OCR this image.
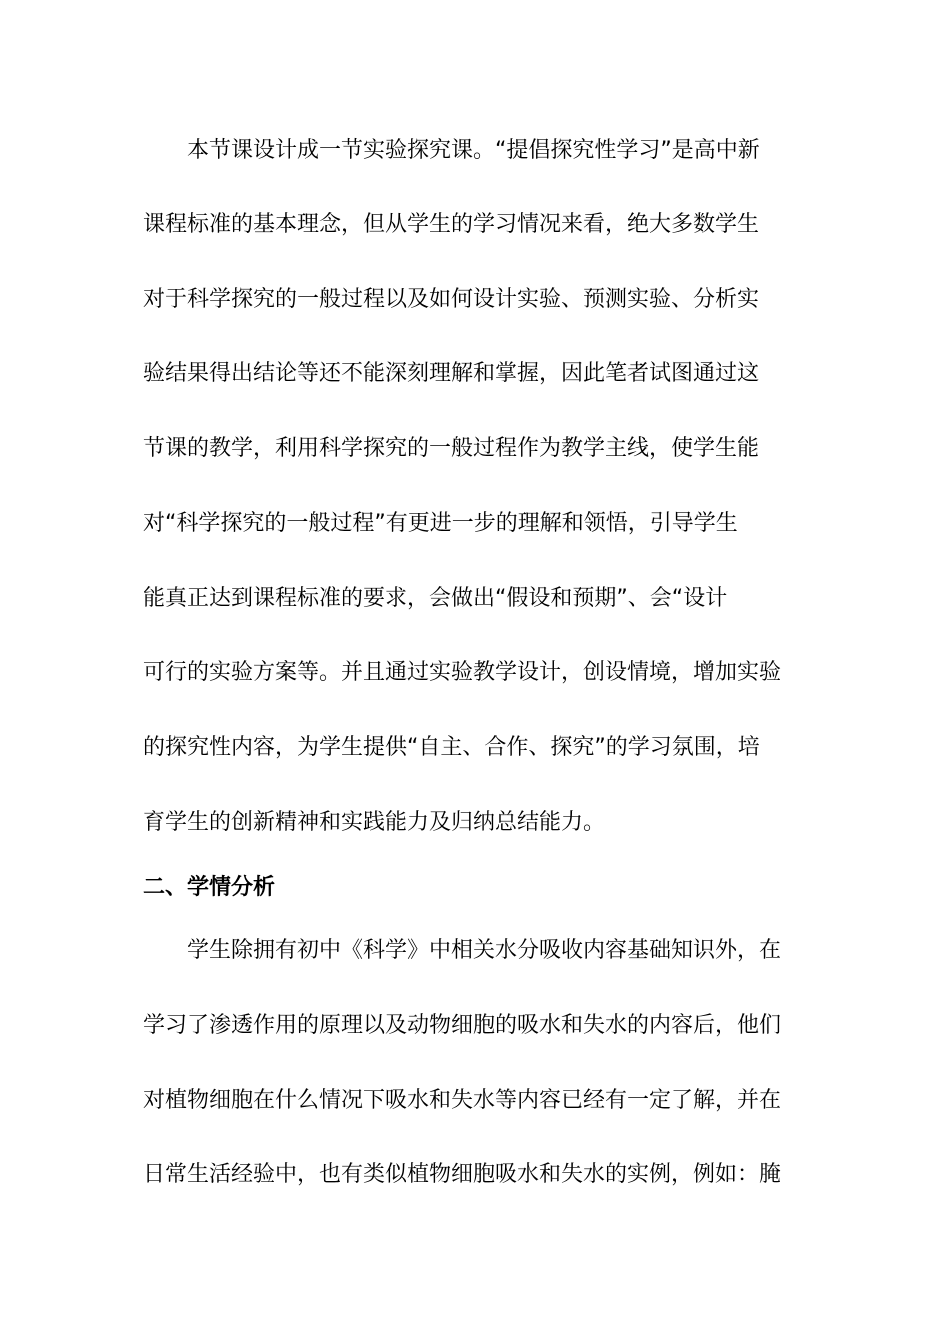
　　本节课设计成一节实验探究课。“提倡探究性学习”是高中新
课程标准的基本理念，但从学生的学习情况来看，绝大多数学生
对于科学探究的一般过程以及如何设计实验、预测实验、分析实
验结果得出结论等还不能深刻理解和掌握，因此笔者试图通过这
节课的教学，利用科学探究的一般过程作为教学主线，使学生能
对“科学探究的一般过程”有更进一步的理解和领悟，引导学生
能真正达到课程标准的要求，会做出“假设和预期”、会“设计
可行的实验方案等。并且通过实验教学设计，创设情境，增加实验
的探究性内容，为学生提供“自主、合作、探究”的学习氛围，培
育学生的创新精神和实践能力及归纳总结能力。
二、学情分析
　　学生除拥有初中《科学》中相关水分吸收内容基础知识外，在
学习了渗透作用的原理以及动物细胞的吸水和失水的内容后，他们
对植物细胞在什么情况下吸水和失水等内容已经有一定了解，并在
日常生活经验中，也有类似植物细胞吸水和失水的实例，例如：腌
